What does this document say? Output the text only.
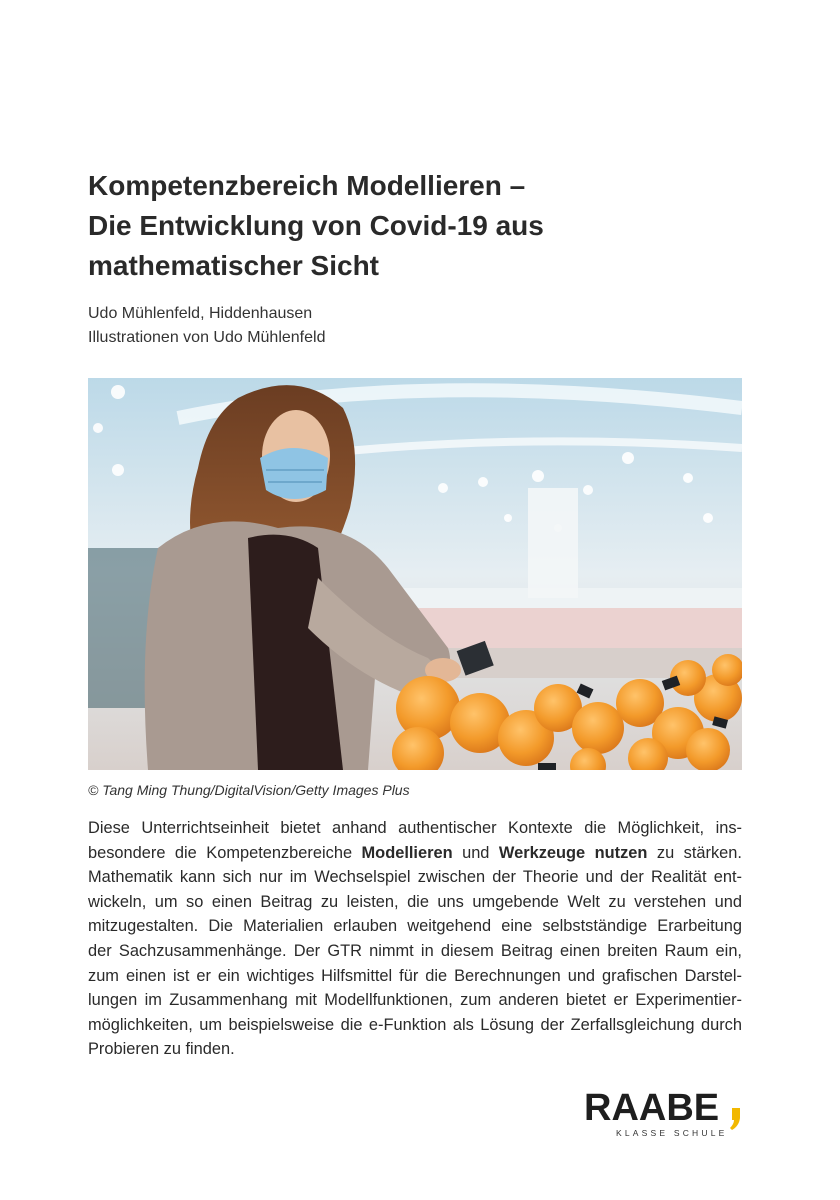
Kompetenzbereich Modellieren –
Die Entwicklung von Covid-19 aus
mathematischer Sicht
Udo Mühlenfeld, Hiddenhausen
Illustrationen von Udo Mühlenfeld
© Tang Ming Thung/DigitalVision/Getty Images Plus

Diese Unterrichtseinheit bietet anhand authentischer Kontexte die Möglichkeit, ins-
besondere die Kompetenzbereiche Modellieren und Werkzeuge nutzen zu stärken.
Mathematik kann sich nur im Wechselspiel zwischen der Theorie und der Realität ent-
wickeln, um so einen Beitrag zu leisten, die uns umgebende Welt zu verstehen und
mitzugestalten. Die Materialien erlauben weitgehend eine selbstständige Erarbeitung
der Sachzusammenhänge. Der GTR nimmt in diesem Beitrag einen breiten Raum ein,
zum einen ist er ein wichtiges Hilfsmittel für die Berechnungen und grafischen Darstel-
lungen im Zusammenhang mit Modellfunktionen, zum anderen bietet er Experimentier-
möglichkeiten, um beispielsweise die e-Funktion als Lösung der Zerfallsgleichung durch
Probieren zu finden.

RAABE
KLASSE SCHULE
